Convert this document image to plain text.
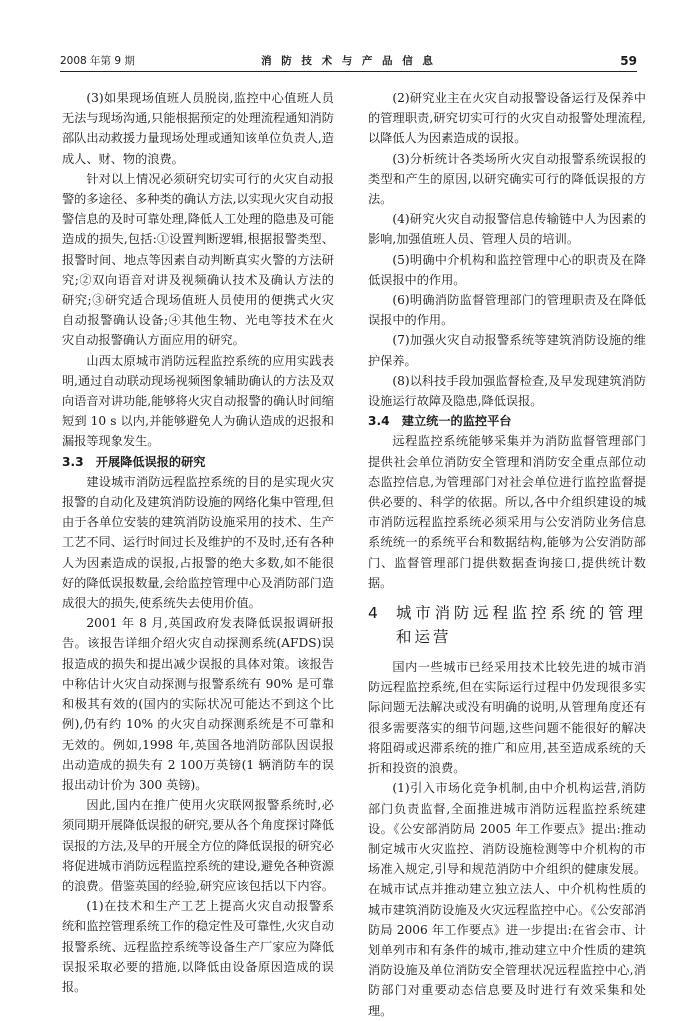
2008 年第 9 期	消 防 技 术 与 产 品 信 息	59

(3)如果现场值班人员脱岗,监控中心值班人员无法与现场沟通,只能根据预定的处理流程通知消防部队出动救援力量现场处理或通知该单位负责人,造成人、财、物的浪费。

针对以上情况必须研究切实可行的火灾自动报警的多途径、多种类的确认方法,以实现火灾自动报警信息的及时可靠处理,降低人工处理的隐患及可能造成的损失,包括:①设置判断逻辑,根据报警类型、报警时间、地点等因素自动判断真实火警的方法研究;②双向语音对讲及视频确认技术及确认方法的研究;③研究适合现场值班人员使用的便携式火灾自动报警确认设备;④其他生物、光电等技术在火灾自动报警确认方面应用的研究。

山西太原城市消防远程监控系统的应用实践表明,通过自动联动现场视频图象辅助确认的方法及双向语音对讲功能,能够将火灾自动报警的确认时间缩短到 10 s 以内,并能够避免人为确认造成的迟报和漏报等现象发生。

3.3　开展降低误报的研究

建设城市消防远程监控系统的目的是实现火灾报警的自动化及建筑消防设施的网络化集中管理,但由于各单位安装的建筑消防设施采用的技术、生产工艺不同、运行时间过长及维护的不及时,还有各种人为因素造成的误报,占报警的绝大多数,如不能很好的降低误报数量,会给监控管理中心及消防部门造成很大的损失,使系统失去使用价值。

2001 年 8 月,英国政府发表降低误报调研报告。该报告详细介绍火灾自动探测系统(AFDS)误报造成的损失和提出减少误报的具体对策。该报告中称估计火灾自动探测与报警系统有 90% 是可靠和极其有效的(国内的实际状况可能达不到这个比例),仍有约 10% 的火灾自动探测系统是不可靠和无效的。例如,1998 年,英国各地消防部队因误报出动造成的损失有 2 100万英镑(1 辆消防车的误报出动计价为 300 英镑)。

因此,国内在推广使用火灾联网报警系统时,必须同期开展降低误报的研究,要从各个角度探讨降低误报的方法,及早的开展全方位的降低误报的研究必将促进城市消防远程监控系统的建设,避免各种资源的浪费。借鉴英国的经验,研究应该包括以下内容。

(1)在技术和生产工艺上提高火灾自动报警系统和监控管理系统工作的稳定性及可靠性,火灾自动报警系统、远程监控系统等设备生产厂家应为降低误报采取必要的措施,以降低由设备原因造成的误报。

(2)研究业主在火灾自动报警设备运行及保养中的管理职责,研究切实可行的火灾自动报警处理流程,以降低人为因素造成的误报。

(3)分析统计各类场所火灾自动报警系统误报的类型和产生的原因,以研究确实可行的降低误报的方法。

(4)研究火灾自动报警信息传输链中人为因素的影响,加强值班人员、管理人员的培训。

(5)明确中介机构和监控管理中心的职责及在降低误报中的作用。

(6)明确消防监督管理部门的管理职责及在降低误报中的作用。

(7)加强火灾自动报警系统等建筑消防设施的维护保养。

(8)以科技手段加强监督检查,及早发现建筑消防设施运行故障及隐患,降低误报。

3.4　建立统一的监控平台

远程监控系统能够采集并为消防监督管理部门提供社会单位消防安全管理和消防安全重点部位动态监控信息,为管理部门对社会单位进行监控监督提供必要的、科学的依据。所以,各中介组织建设的城市消防远程监控系统必须采用与公安消防业务信息系统统一的系统平台和数据结构,能够为公安消防部门、监督管理部门提供数据查询接口,提供统计数据。

4 城市消防远程监控系统的管理和运营

国内一些城市已经采用技术比较先进的城市消防远程监控系统,但在实际运行过程中仍发现很多实际问题无法解决或没有明确的说明,从管理角度还有很多需要落实的细节问题,这些问题不能很好的解决将阻碍或迟滞系统的推广和应用,甚至造成系统的夭折和投资的浪费。

(1)引入市场化竞争机制,由中介机构运营,消防部门负责监督,全面推进城市消防远程监控系统建设。《公安部消防局 2005 年工作要点》提出:推动制定城市火灾监控、消防设施检测等中介机构的市场准入规定,引导和规范消防中介组织的健康发展。在城市试点并推动建立独立法人、中介机构性质的城市建筑消防设施及火灾远程监控中心。《公安部消防局 2006 年工作要点》进一步提出:在省会市、计划单列市和有条件的城市,推动建立中介性质的建筑消防设施及单位消防安全管理状况远程监控中心,消防部门对重要动态信息要及时进行有效采集和处理。
